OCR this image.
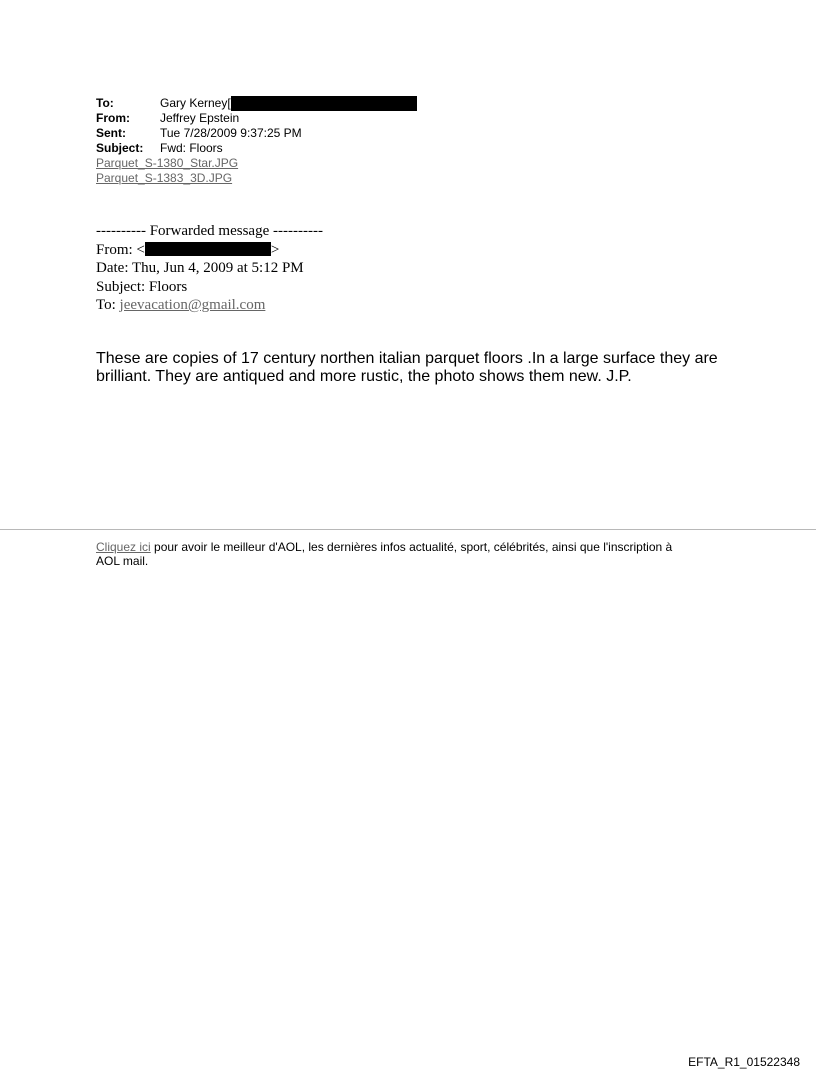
To:	Gary Kerney[
From:	Jeffrey Epstein
Sent:	Tue 7/28/2009 9:37:25 PM
Subject:	Fwd: Floors
Parquet_S-1380_Star.JPG
Parquet_S-1383_3D.JPG
---------- Forwarded message ----------
From: <	>
Date: Thu, Jun 4, 2009 at 5:12 PM
Subject: Floors
To: jeevacation@gmail.com
These are copies of 17 century northen italian parquet floors .In a large surface they are brilliant. They are antiqued and more rustic, the photo shows them new. J.P.
Cliquez ici pour avoir le meilleur d'AOL, les dernières infos actualité, sport, célébrités, ainsi que l'inscription à AOL mail.
EFTA_R1_01522348
